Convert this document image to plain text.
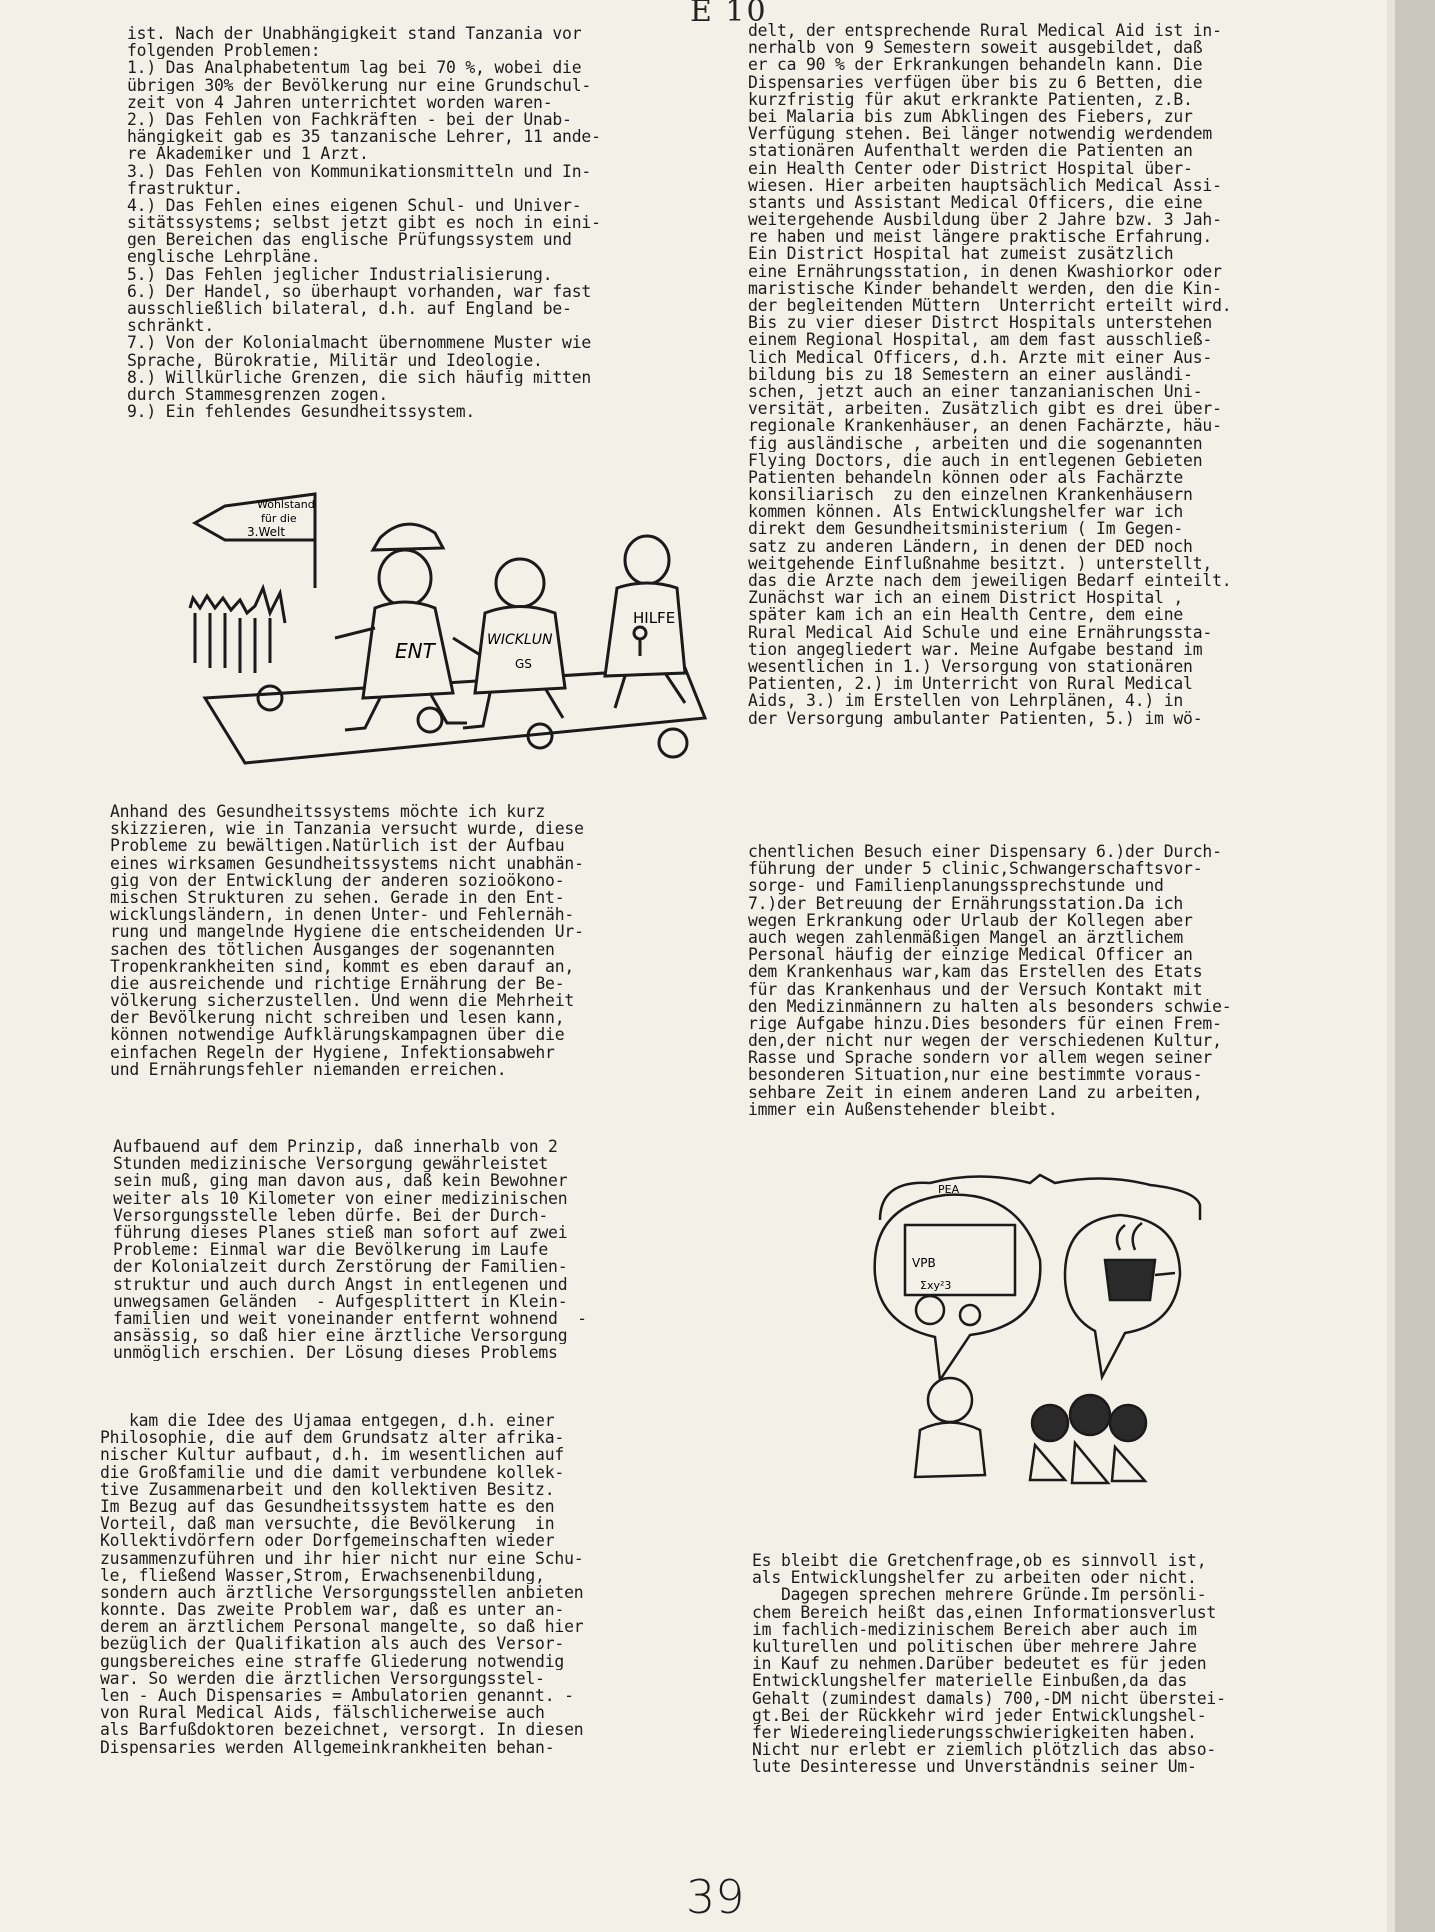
E 10
ist. Nach der Unabhängigkeit stand Tanzania vor
folgenden Problemen:
1.) Das Analphabetentum lag bei 70 %, wobei die
übrigen 30% der Bevölkerung nur eine Grundschul-
zeit von 4 Jahren unterrichtet worden waren-
2.) Das Fehlen von Fachkräften - bei der Unab-
hängigkeit gab es 35 tanzanische Lehrer, 11 ande-
re Akademiker und 1 Arzt.
3.) Das Fehlen von Kommunikationsmitteln und In-
frastruktur.
4.) Das Fehlen eines eigenen Schul- und Univer-
sitätssystems; selbst jetzt gibt es noch in eini-
gen Bereichen das englische Prüfungssystem und
englische Lehrpläne.
5.) Das Fehlen jeglicher Industrialisierung.
6.) Der Handel, so überhaupt vorhanden, war fast
ausschließlich bilateral, d.h. auf England be-
schränkt.
7.) Von der Kolonialmacht übernommene Muster wie
Sprache, Bürokratie, Militär und Ideologie.
8.) Willkürliche Grenzen, die sich häufig mitten
durch Stammesgrenzen zogen.
9.) Ein fehlendes Gesundheitssystem.
Wohlstand
für die
3.Welt
ENT	WICKLUN
GS
HILFE
Anhand des Gesundheitssystems möchte ich kurz
skizzieren, wie in Tanzania versucht wurde, diese
Probleme zu bewältigen.Natürlich ist der Aufbau
eines wirksamen Gesundheitssystems nicht unabhän-
gig von der Entwicklung der anderen sozioökono-
mischen Strukturen zu sehen. Gerade in den Ent-
wicklungsländern, in denen Unter- und Fehlernäh-
rung und mangelnde Hygiene die entscheidenden Ur-
sachen des tötlichen Ausganges der sogenannten
Tropenkrankheiten sind, kommt es eben darauf an,
die ausreichende und richtige Ernährung der Be-
völkerung sicherzustellen. Und wenn die Mehrheit
der Bevölkerung nicht schreiben und lesen kann,
können notwendige Aufklärungskampagnen über die
einfachen Regeln der Hygiene, Infektionsabwehr
und Ernährungsfehler niemanden erreichen.
Aufbauend auf dem Prinzip, daß innerhalb von 2
Stunden medizinische Versorgung gewährleistet
sein muß, ging man davon aus, daß kein Bewohner
weiter als 10 Kilometer von einer medizinischen
Versorgungsstelle leben dürfe. Bei der Durch-
führung dieses Planes stieß man sofort auf zwei
Probleme: Einmal war die Bevölkerung im Laufe
der Kolonialzeit durch Zerstörung der Familien-
struktur und auch durch Angst in entlegenen und
unwegsamen Geländen  - Aufgesplittert in Klein-
familien und weit voneinander entfernt wohnend  -
ansässig, so daß hier eine ärztliche Versorgung
unmöglich erschien. Der Lösung dieses Problems
kam die Idee des Ujamaa entgegen, d.h. einer
Philosophie, die auf dem Grundsatz alter afrika-
nischer Kultur aufbaut, d.h. im wesentlichen auf
die Großfamilie und die damit verbundene kollek-
tive Zusammenarbeit und den kollektiven Besitz.
Im Bezug auf das Gesundheitssystem hatte es den
Vorteil, daß man versuchte, die Bevölkerung  in
Kollektivdörfern oder Dorfgemeinschaften wieder
zusammenzuführen und ihr hier nicht nur eine Schu-
le, fließend Wasser,Strom, Erwachsenenbildung,
sondern auch ärztliche Versorgungsstellen anbieten
konnte. Das zweite Problem war, daß es unter an-
derem an ärztlichem Personal mangelte, so daß hier
bezüglich der Qualifikation als auch des Versor-
gungsbereiches eine straffe Gliederung notwendig
war. So werden die ärztlichen Versorgungsstel-
len - Auch Dispensaries = Ambulatorien genannt. -
von Rural Medical Aids, fälschlicherweise auch
als Barfußdoktoren bezeichnet, versorgt. In diesen
Dispensaries werden Allgemeinkrankheiten behan-
delt, der entsprechende Rural Medical Aid ist in-
nerhalb von 9 Semestern soweit ausgebildet, daß
er ca 90 % der Erkrankungen behandeln kann. Die
Dispensaries verfügen über bis zu 6 Betten, die
kurzfristig für akut erkrankte Patienten, z.B.
bei Malaria bis zum Abklingen des Fiebers, zur
Verfügung stehen. Bei länger notwendig werdendem
stationären Aufenthalt werden die Patienten an
ein Health Center oder District Hospital über-
wiesen. Hier arbeiten hauptsächlich Medical Assi-
stants und Assistant Medical Officers, die eine
weitergehende Ausbildung über 2 Jahre bzw. 3 Jah-
re haben und meist längere praktische Erfahrung.
Ein District Hospital hat zumeist zusätzlich
eine Ernährungsstation, in denen Kwashiorkor oder
maristische Kinder behandelt werden, den die Kin-
der begleitenden Müttern  Unterricht erteilt wird.
Bis zu vier dieser Distrct Hospitals unterstehen
einem Regional Hospital, am dem fast ausschließ-
lich Medical Officers, d.h. Ärzte mit einer Aus-
bildung bis zu 18 Semestern an einer ausländi-
schen, jetzt auch an einer tanzanianischen Uni-
versität, arbeiten. Zusätzlich gibt es drei über-
regionale Krankenhäuser, an denen Fachärzte, häu-
fig ausländische , arbeiten und die sogenannten
Flying Doctors, die auch in entlegenen Gebieten
Patienten behandeln können oder als Fachärzte
konsiliarisch  zu den einzelnen Krankenhäusern
kommen können. Als Entwicklungshelfer war ich
direkt dem Gesundheitsministerium ( Im Gegen-
satz zu anderen Ländern, in denen der DED noch
weitgehende Einflußnahme besitzt. ) unterstellt,
das die Ärzte nach dem jeweiligen Bedarf einteilt.
Zunächst war ich an einem District Hospital ,
später kam ich an ein Health Centre, dem eine
Rural Medical Aid Schule und eine Ernährungssta-
tion angegliedert war. Meine Aufgabe bestand im
wesentlichen in 1.) Versorgung von stationären
Patienten, 2.) im Unterricht von Rural Medical
Aids, 3.) im Erstellen von Lehrplänen, 4.) in
der Versorgung ambulanter Patienten, 5.) im wö-
chentlichen Besuch einer Dispensary 6.)der Durch-
führung der under 5 clinic,Schwangerschaftsvor-
sorge- und Familienplanungssprechstunde und
7.)der Betreuung der Ernährungsstation.Da ich
wegen Erkrankung oder Urlaub der Kollegen aber
auch wegen zahlenmäßigen Mangel an ärztlichem
Personal häufig der einzige Medical Officer an
dem Krankenhaus war,kam das Erstellen des Etats
für das Krankenhaus und der Versuch Kontakt mit
den Medizinmännern zu halten als besonders schwie-
rige Aufgabe hinzu.Dies besonders für einen Frem-
den,der nicht nur wegen der verschiedenen Kultur,
Rasse und Sprache sondern vor allem wegen seiner
besonderen Situation,nur eine bestimmte voraus-
sehbare Zeit in einem anderen Land zu arbeiten,
immer ein Außenstehender bleibt.
PEA
VPB
Σxy²3
Es bleibt die Gretchenfrage,ob es sinnvoll ist,
als Entwicklungshelfer zu arbeiten oder nicht.
Dagegen sprechen mehrere Gründe.Im persönli-
chem Bereich heißt das,einen Informationsverlust
im fachlich-medizinischem Bereich aber auch im
kulturellen und politischen über mehrere Jahre
in Kauf zu nehmen.Darüber bedeutet es für jeden
Entwicklungshelfer materielle Einbußen,da das
Gehalt (zumindest damals) 700,-DM nicht überstei-
gt.Bei der Rückkehr wird jeder Entwicklungshel-
fer Wiedereingliederungsschwierigkeiten haben.
Nicht nur erlebt er ziemlich plötzlich das abso-
lute Desinteresse und Unverständnis seiner Um-
39
